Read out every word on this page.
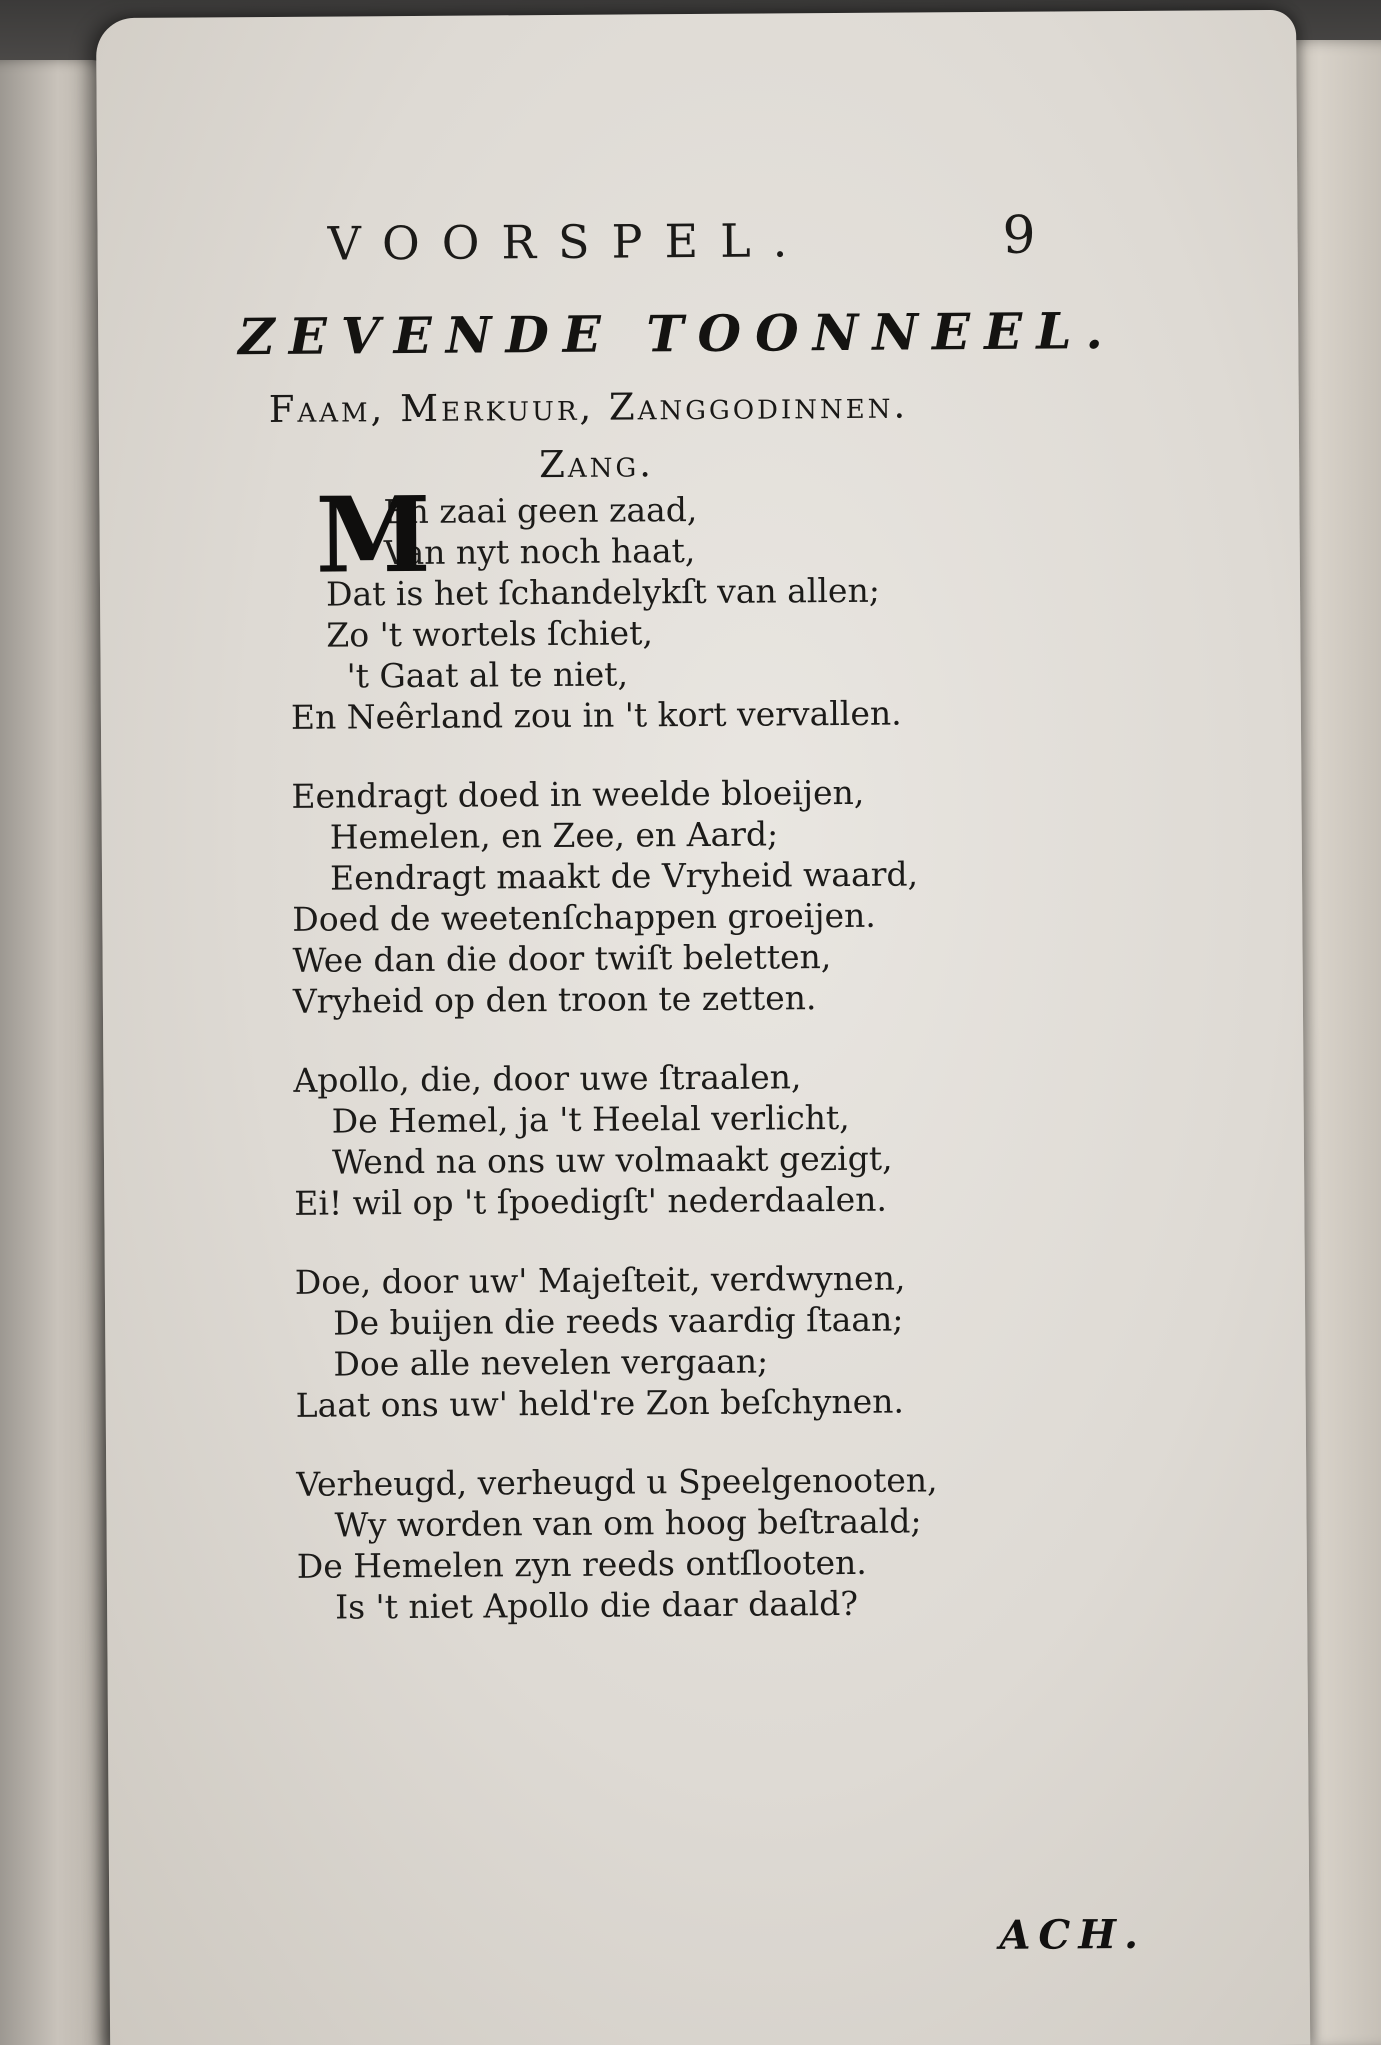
VOORSPEL.	9
ZEVENDE TOONNEEL.
Faam, Merkuur, Zanggodinnen.
Zang.
M
En zaai geen zaad,
Van nyt noch haat,
Dat is het ſchandelykſt van allen;
Zo 't wortels ſchiet,
't Gaat al te niet,
En Neêrland zou in 't kort vervallen.
Eendragt doed in weelde bloeijen,
Hemelen, en Zee, en Aard;
Eendragt maakt de Vryheid waard,
Doed de weetenſchappen groeijen.
Wee dan die door twiſt beletten,
Vryheid op den troon te zetten.
Apollo, die, door uwe ſtraalen,
De Hemel, ja 't Heelal verlicht,
Wend na ons uw volmaakt gezigt,
Ei! wil op 't ſpoedigſt' nederdaalen.
Doe, door uw' Majeſteit, verdwynen,
De buijen die reeds vaardig ſtaan;
Doe alle nevelen vergaan;
Laat ons uw' held're Zon beſchynen.
Verheugd, verheugd u Speelgenooten,
Wy worden van om hoog beſtraald;
De Hemelen zyn reeds ontſlooten.
Is 't niet Apollo die daar daald?
ACH.
